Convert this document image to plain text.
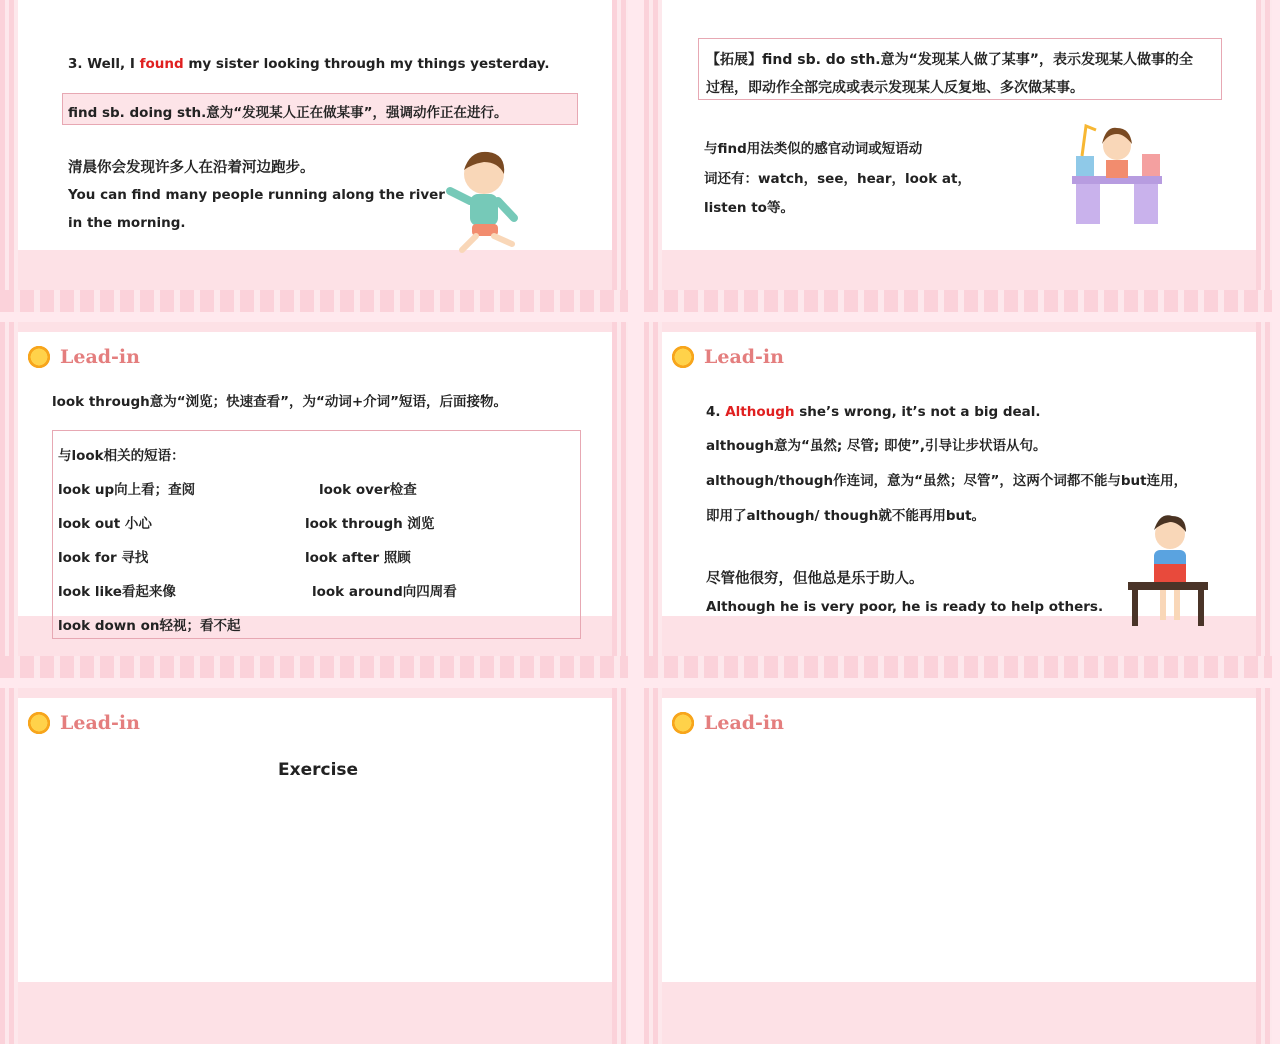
3. Well, I found my sister looking through my things yesterday.
find sb. doing sth.意为“发现某人正在做某事”，强调动作正在进行。
清晨你会发现许多人在沿着河边跑步。
You can find many people running along the river
in the morning.
【拓展】find sb. do sth.意为“发现某人做了某事”，表示发现某人做事的全
过程，即动作全部完成或表示发现某人反复地、多次做某事。
与find用法类似的感官动词或短语动
词还有：watch，see，hear，look at，
listen to等。
Lead-in
look through意为“浏览；快速查看”，为“动词+介词”短语，后面接物。
与look相关的短语：
look up向上看；查阅	look over检查
look out 小心	look through 浏览
look for 寻找	look after 照顾
look like看起来像	look around向四周看
look down on轻视；看不起
Lead-in
4. Although she’s wrong, it’s not a big deal.
although意为“虽然; 尽管; 即使”,引导让步状语从句。
although/though作连词，意为“虽然；尽管”，这两个词都不能与but连用，
即用了although/ though就不能再用but。
尽管他很穷，但他总是乐于助人。
Although he is very poor, he is ready to help others.
Lead-in
Exercise
Lead-in
